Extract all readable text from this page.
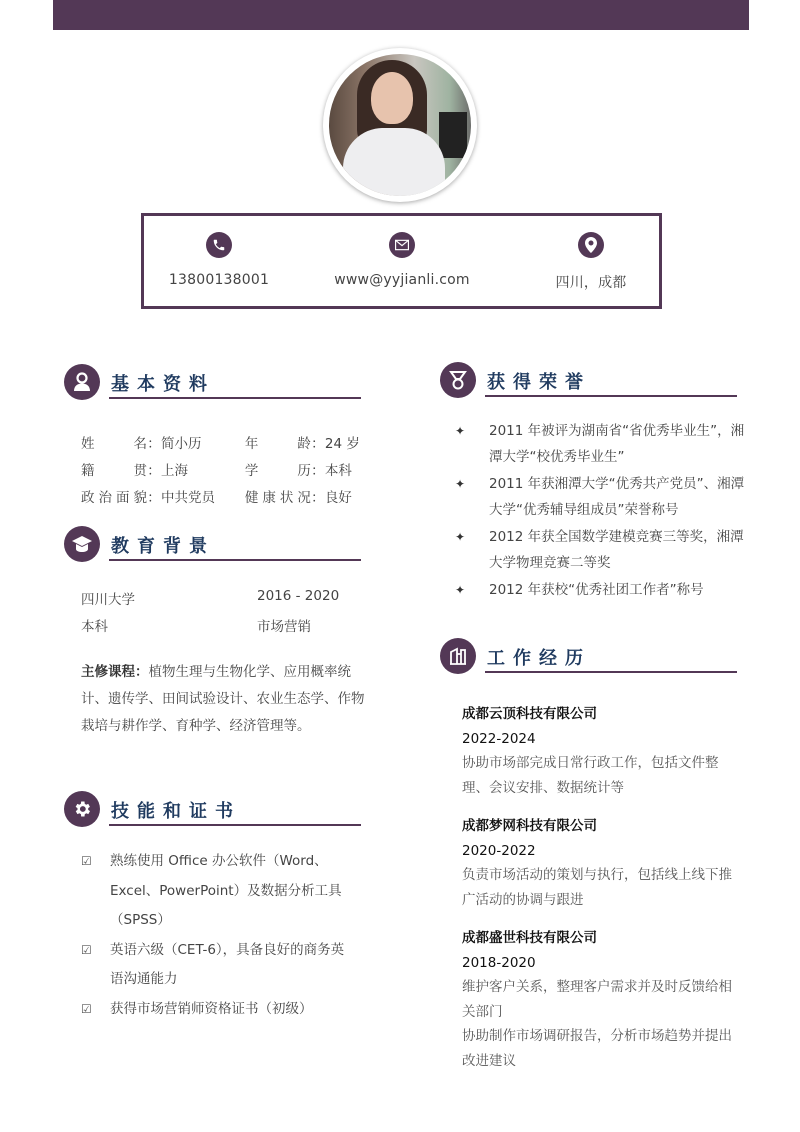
13800138001	www@yyjianli.com	四川，成都
基本资料
姓名 ： 简小历	年龄 ： 24 岁
籍贯 ： 上海	学历 ： 本科
政治面貌 ： 中共党员 健康状况 ： 良好
教育背景
四川大学	2016 - 2020
本科	市场营销
主修课程：植物生理与生物化学、应用概率统计、遗传学、田间试验设计、农业生态学、作物栽培与耕作学、育种学、经济管理等。
技能和证书
☑	熟练使用 Office 办公软件（Word、Excel、PowerPoint）及数据分析工具（SPSS）
☑	英语六级（CET-6），具备良好的商务英语沟通能力
☑	获得市场营销师资格证书（初级）
获得荣誉
✦	2011 年被评为湖南省“省优秀毕业生”，湘潭大学“校优秀毕业生”
✦	2011 年获湘潭大学“优秀共产党员”、湘潭大学“优秀辅导组成员”荣誉称号
✦	2012 年获全国数学建模竞赛三等奖，湘潭大学物理竞赛二等奖
✦	2012 年获校“优秀社团工作者”称号
工作经历
成都云顶科技有限公司
2022-2024
协助市场部完成日常行政工作，包括文件整理、会议安排、数据统计等
成都梦网科技有限公司
2020-2022
负责市场活动的策划与执行，包括线上线下推广活动的协调与跟进
成都盛世科技有限公司
2018-2020
维护客户关系，整理客户需求并及时反馈给相关部门
协助制作市场调研报告，分析市场趋势并提出改进建议
